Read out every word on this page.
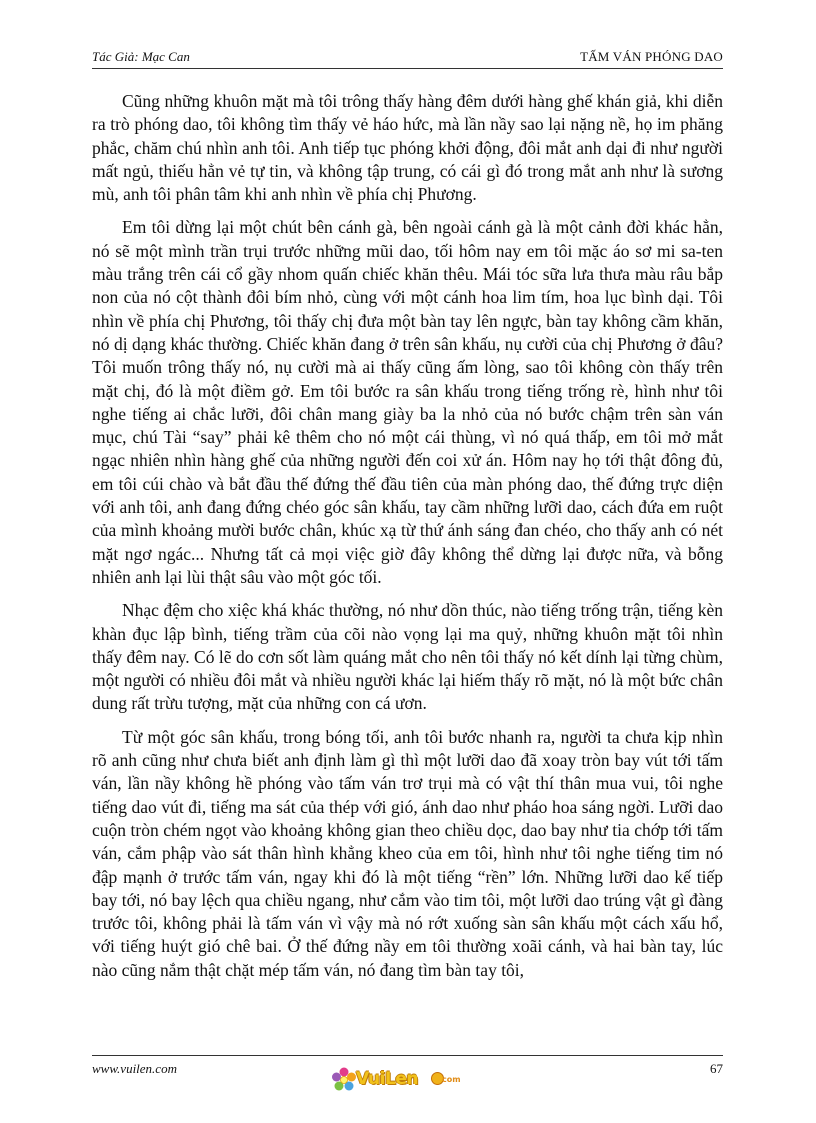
Tác Giả: Mạc Can	TẤM VÁN PHÓNG DAO

Cũng những khuôn mặt mà tôi trông thấy hàng đêm dưới hàng ghế khán giả, khi diễn ra trò phóng dao, tôi không tìm thấy vẻ háo hức, mà lần nầy sao lại nặng nề, họ im phăng phắc, chăm chú nhìn anh tôi. Anh tiếp tục phóng khởi động, đôi mắt anh dại đi như người mất ngủ, thiếu hẳn vẻ tự tin, và không tập trung, có cái gì đó trong mắt anh như là sương mù, anh tôi phân tâm khi anh nhìn về phía chị Phương.

Em tôi dừng lại một chút bên cánh gà, bên ngoài cánh gà là một cảnh đời khác hẳn, nó sẽ một mình trần trụi trước những mũi dao, tối hôm nay em tôi mặc áo sơ mi sa-ten màu trắng trên cái cổ gầy nhom quấn chiếc khăn thêu. Mái tóc sữa lưa thưa màu râu bắp non của nó cột thành đôi bím nhỏ, cùng với một cánh hoa lim tím, hoa lục bình dại. Tôi nhìn về phía chị Phương, tôi thấy chị đưa một bàn tay lên ngực, bàn tay không cầm khăn, nó dị dạng khác thường. Chiếc khăn đang ở trên sân khấu, nụ cười của chị Phương ở đâu? Tôi muốn trông thấy nó, nụ cười mà ai thấy cũng ấm lòng, sao tôi không còn thấy trên mặt chị, đó là một điềm gở. Em tôi bước ra sân khấu trong tiếng trống rè, hình như tôi nghe tiếng ai chắc lưỡi, đôi chân mang giày ba la nhỏ của nó bước chậm trên sàn ván mục, chú Tài “say” phải kê thêm cho nó một cái thùng, vì nó quá thấp, em tôi mở mắt ngạc nhiên nhìn hàng ghế của những người đến coi xử án. Hôm nay họ tới thật đông đủ, em tôi cúi chào và bắt đầu thế đứng thế đầu tiên của màn phóng dao, thế đứng trực diện với anh tôi, anh đang đứng chéo góc sân khấu, tay cầm những lưỡi dao, cách đứa em ruột của mình khoảng mười bước chân, khúc xạ từ thứ ánh sáng đan chéo, cho thấy anh có nét mặt ngơ ngác... Nhưng tất cả mọi việc giờ đây không thể dừng lại được nữa, và bỗng nhiên anh lại lùi thật sâu vào một góc tối.

Nhạc đệm cho xiệc khá khác thường, nó như dồn thúc, nào tiếng trống trận, tiếng kèn khàn đục lập bình, tiếng trầm của cõi nào vọng lại ma quỷ, những khuôn mặt tôi nhìn thấy đêm nay. Có lẽ do cơn sốt làm quáng mắt cho nên tôi thấy nó kết dính lại từng chùm, một người có nhiều đôi mắt và nhiều người khác lại hiếm thấy rõ mặt, nó là một bức chân dung rất trừu tượng, mặt của những con cá ươn.

Từ một góc sân khấu, trong bóng tối, anh tôi bước nhanh ra, người ta chưa kịp nhìn rõ anh cũng như chưa biết anh định làm gì thì một lưỡi dao đã xoay tròn bay vút tới tấm ván, lần nầy không hề phóng vào tấm ván trơ trụi mà có vật thí thân mua vui, tôi nghe tiếng dao vút đi, tiếng ma sát của thép với gió, ánh dao như pháo hoa sáng ngời. Lưỡi dao cuộn tròn chém ngọt vào khoảng không gian theo chiều dọc, dao bay như tia chớp tới tấm ván, cắm phập vào sát thân hình khẳng kheo của em tôi, hình như tôi nghe tiếng tim nó đập mạnh ở trước tấm ván, ngay khi đó là một tiếng “rền” lớn. Những lưỡi dao kế tiếp bay tới, nó bay lệch qua chiều ngang, như cắm vào tim tôi, một lưỡi dao trúng vật gì đàng trước tôi, không phải là tấm ván vì vậy mà nó rớt xuống sàn sân khấu một cách xấu hổ, với tiếng huýt gió chê bai. Ở thế đứng nầy em tôi thường xoãi cánh, và hai bàn tay, lúc nào cũng nắm thật chặt mép tấm ván, nó đang tìm bàn tay tôi,

www.vuilen.com	67
VuiLen	com
